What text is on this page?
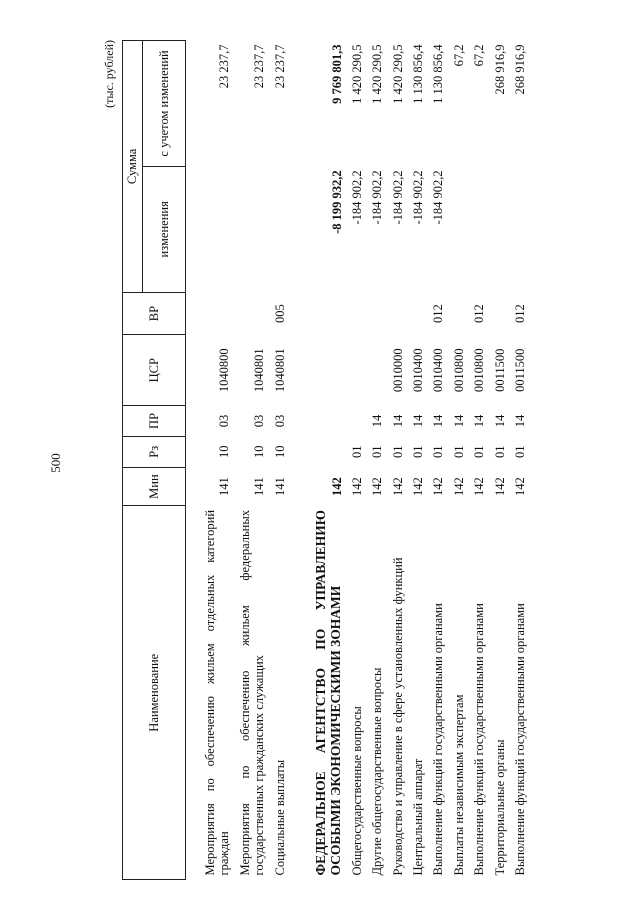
500
(тыс. рублей)
Наименование	Мин	Рз	ПР	ЦСР	ВР	Сумма	
						изменения	с учетом изменений

Мероприятия по обеспечению жильем отдельных категорий граждан	141	10	03	1040800			23 237,7
Мероприятия по обеспечению жильем федеральных государственных гражданских служащих	141	10	03	1040801			23 237,7
Социальные выплаты	141	10	03	1040801	005		23 237,7

ФЕДЕРАЛЬНОЕ АГЕНТСТВО ПО УПРАВЛЕНИЮ ОСОБЫМИ ЭКОНОМИЧЕСКИМИ ЗОНАМИ	142					-8 199 932,2	9 769 801,3
Общегосударственные вопросы	142	01				-184 902,2	1 420 290,5
Другие общегосударственные вопросы	142	01	14			-184 902,2	1 420 290,5
Руководство и управление в сфере установленных функций	142	01	14	0010000		-184 902,2	1 420 290,5
Центральный аппарат	142	01	14	0010400		-184 902,2	1 130 856,4
Выполнение функций государственными органами	142	01	14	0010400	012	-184 902,2	1 130 856,4
Выплаты независимым экспертам	142	01	14	0010800			67,2
Выполнение функций государственными органами	142	01	14	0010800	012		67,2
Территориальные органы	142	01	14	0011500			268 916,9
Выполнение функций государственными органами	142	01	14	0011500	012		268 916,9
